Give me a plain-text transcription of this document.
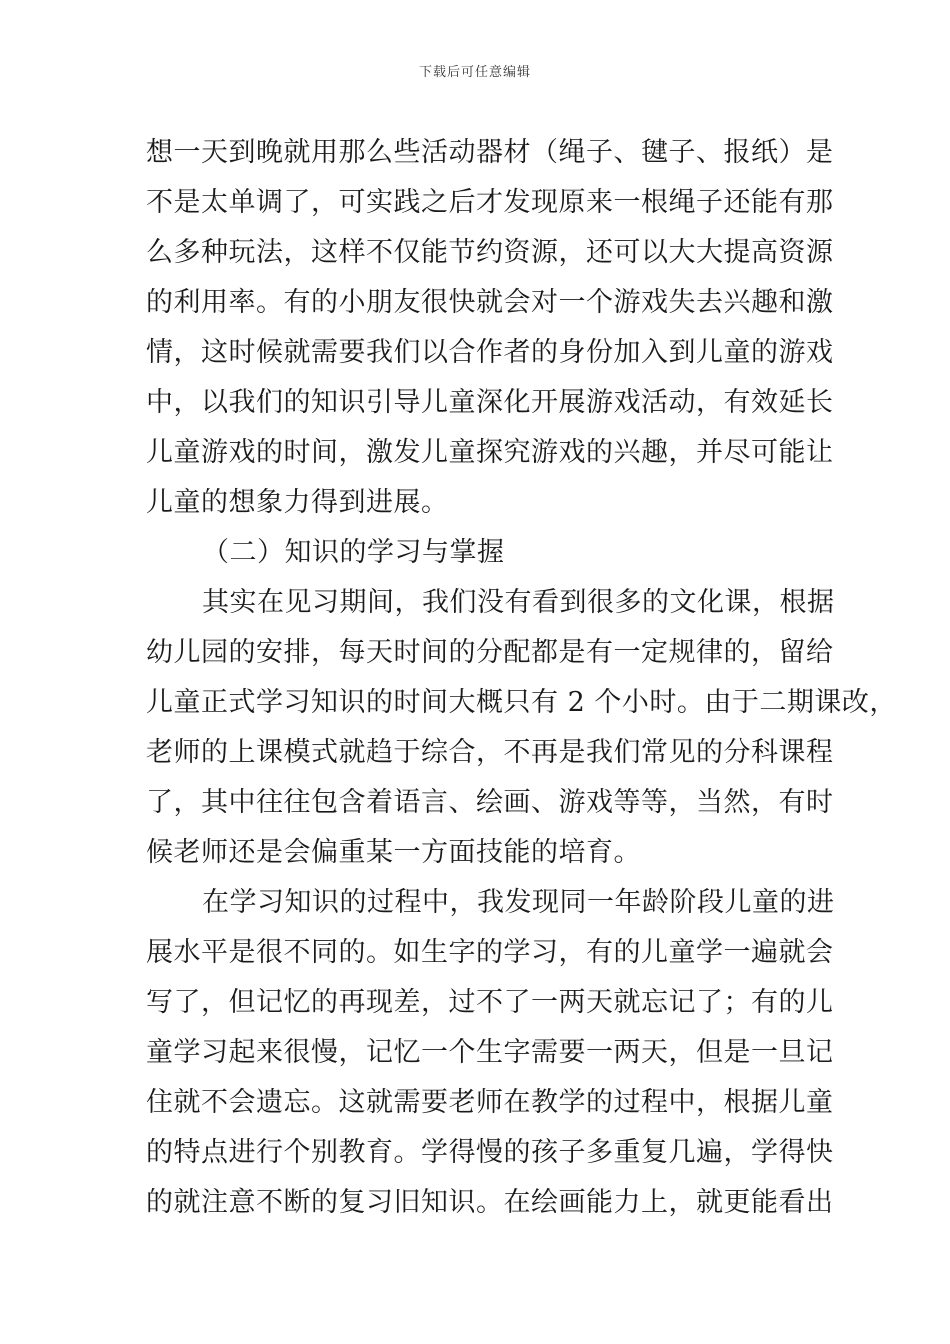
下载后可任意编辑
想一天到晚就用那么些活动器材（绳子、毽子、报纸）是
不是太单调了，可实践之后才发现原来一根绳子还能有那
么多种玩法，这样不仅能节约资源，还可以大大提高资源
的利用率。有的小朋友很快就会对一个游戏失去兴趣和激
情，这时候就需要我们以合作者的身份加入到儿童的游戏
中，以我们的知识引导儿童深化开展游戏活动，有效延长
儿童游戏的时间，激发儿童探究游戏的兴趣，并尽可能让
儿童的想象力得到进展。
（二）知识的学习与掌握
其实在见习期间，我们没有看到很多的文化课，根据
幼儿园的安排，每天时间的分配都是有一定规律的，留给
儿童正式学习知识的时间大概只有 2 个小时。由于二期课改，
老师的上课模式就趋于综合，不再是我们常见的分科课程
了，其中往往包含着语言、绘画、游戏等等，当然，有时
候老师还是会偏重某一方面技能的培育。
在学习知识的过程中，我发现同一年龄阶段儿童的进
展水平是很不同的。如生字的学习，有的儿童学一遍就会
写了，但记忆的再现差，过不了一两天就忘记了；有的儿
童学习起来很慢，记忆一个生字需要一两天，但是一旦记
住就不会遗忘。这就需要老师在教学的过程中，根据儿童
的特点进行个别教育。学得慢的孩子多重复几遍，学得快
的就注意不断的复习旧知识。在绘画能力上，就更能看出
